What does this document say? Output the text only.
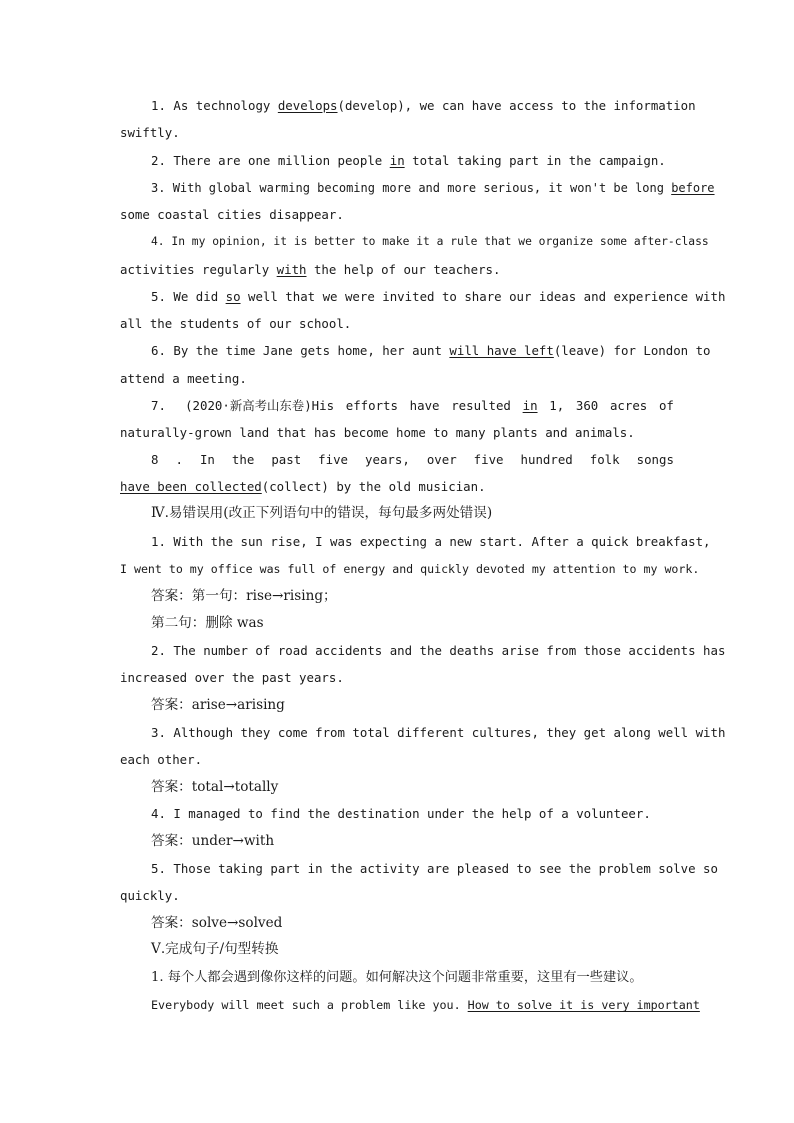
1. As technology develops(develop), we can have access to the information
swiftly.
2. There are one million people in total taking part in the campaign.
3. With global warming becoming more and more serious, it won't be long before
some coastal cities disappear.
4. In my opinion, it is better to make it a rule that we organize some after-class
activities regularly with the help of our teachers.
5. We did so well that we were invited to share our ideas and experience with
all the students of our school.
6. By the time Jane gets home, her aunt will have left(leave) for London to
attend a meeting.
7. (2020·新高考山东卷)His efforts have resulted in 1, 360 acres of
naturally-grown land that has become home to many plants and animals.
8 . In the past five years, over five hundred folk songs
have been collected(collect) by the old musician.
Ⅳ.易错误用(改正下列语句中的错误，每句最多两处错误)
1. With the sun rise, I was expecting a new start. After a quick breakfast,
I went to my office was full of energy and quickly devoted my attention to my work.
答案：第一句：rise→rising；
第二句：删除 was
2. The number of road accidents and the deaths arise from those accidents has
increased over the past years.
答案：arise→arising
3. Although they come from total different cultures, they get along well with
each other.
答案：total→totally
4. I managed to find the destination under the help of a volunteer.
答案：under→with
5. Those taking part in the activity are pleased to see the problem solve so
quickly.
答案：solve→solved
Ⅴ.完成句子/句型转换
1. 每个人都会遇到像你这样的问题。如何解决这个问题非常重要，这里有一些建议。
Everybody will meet such a problem like you. How to solve it is very important
